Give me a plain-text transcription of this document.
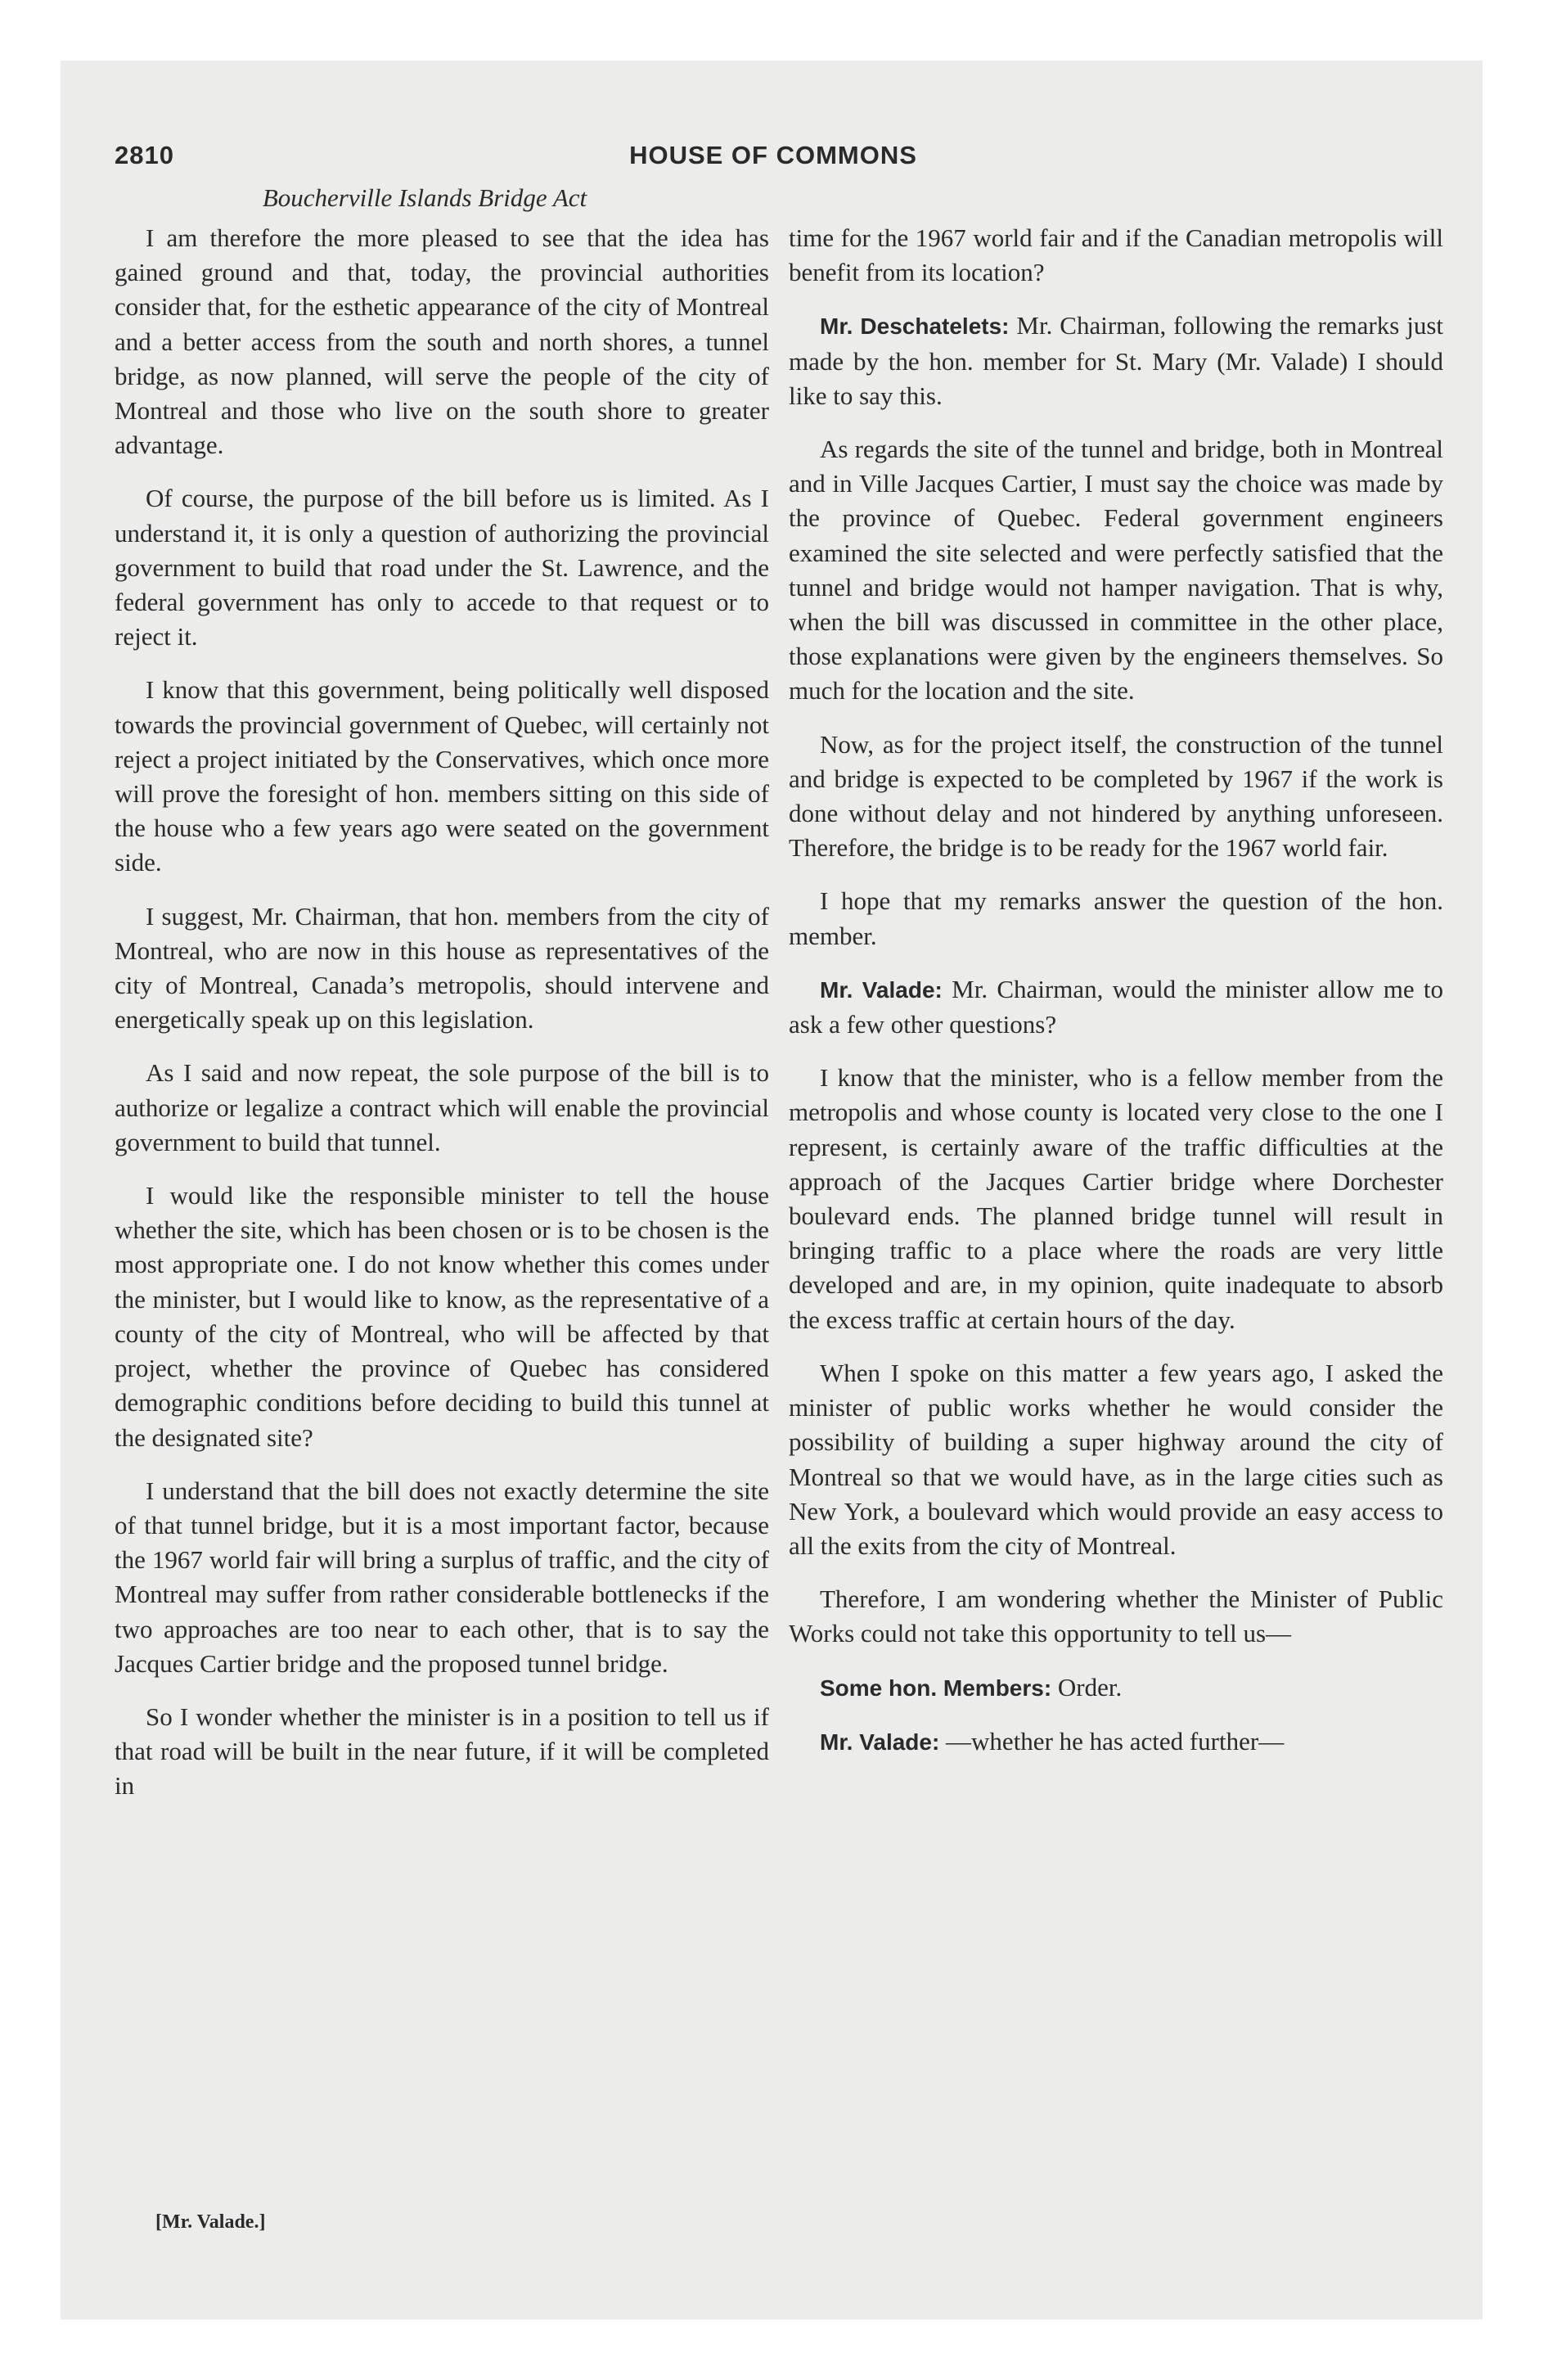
2810	HOUSE OF COMMONS
Boucherville Islands Bridge Act

I am therefore the more pleased to see that the idea has gained ground and that, today, the provincial authorities consider that, for the esthetic appearance of the city of Montreal and a better access from the south and north shores, a tunnel bridge, as now planned, will serve the people of the city of Montreal and those who live on the south shore to greater advantage.

Of course, the purpose of the bill before us is limited. As I understand it, it is only a question of authorizing the provincial government to build that road under the St. Lawrence, and the federal government has only to accede to that request or to reject it.

I know that this government, being politically well disposed towards the provincial government of Quebec, will certainly not reject a project initiated by the Conservatives, which once more will prove the foresight of hon. members sitting on this side of the house who a few years ago were seated on the government side.

I suggest, Mr. Chairman, that hon. members from the city of Montreal, who are now in this house as representatives of the city of Montreal, Canada’s metropolis, should intervene and energetically speak up on this legislation.

As I said and now repeat, the sole purpose of the bill is to authorize or legalize a contract which will enable the provincial government to build that tunnel.

I would like the responsible minister to tell the house whether the site, which has been chosen or is to be chosen is the most appropriate one. I do not know whether this comes under the minister, but I would like to know, as the representative of a county of the city of Montreal, who will be affected by that project, whether the province of Quebec has considered demographic conditions before deciding to build this tunnel at the designated site?

I understand that the bill does not exactly determine the site of that tunnel bridge, but it is a most important factor, because the 1967 world fair will bring a surplus of traffic, and the city of Montreal may suffer from rather considerable bottlenecks if the two approaches are too near to each other, that is to say the Jacques Cartier bridge and the proposed tunnel bridge.

So I wonder whether the minister is in a position to tell us if that road will be built in the near future, if it will be completed in

[Mr. Valade.]

time for the 1967 world fair and if the Canadian metropolis will benefit from its location?

Mr. Deschatelets: Mr. Chairman, following the remarks just made by the hon. member for St. Mary (Mr. Valade) I should like to say this.

As regards the site of the tunnel and bridge, both in Montreal and in Ville Jacques Cartier, I must say the choice was made by the province of Quebec. Federal government engineers examined the site selected and were perfectly satisfied that the tunnel and bridge would not hamper navigation. That is why, when the bill was discussed in committee in the other place, those explanations were given by the engineers themselves. So much for the location and the site.

Now, as for the project itself, the construction of the tunnel and bridge is expected to be completed by 1967 if the work is done without delay and not hindered by anything unforeseen. Therefore, the bridge is to be ready for the 1967 world fair.

I hope that my remarks answer the question of the hon. member.

Mr. Valade: Mr. Chairman, would the minister allow me to ask a few other questions?

I know that the minister, who is a fellow member from the metropolis and whose county is located very close to the one I represent, is certainly aware of the traffic difficulties at the approach of the Jacques Cartier bridge where Dorchester boulevard ends. The planned bridge tunnel will result in bringing traffic to a place where the roads are very little developed and are, in my opinion, quite inadequate to absorb the excess traffic at certain hours of the day.

When I spoke on this matter a few years ago, I asked the minister of public works whether he would consider the possibility of building a super highway around the city of Montreal so that we would have, as in the large cities such as New York, a boulevard which would provide an easy access to all the exits from the city of Montreal.

Therefore, I am wondering whether the Minister of Public Works could not take this opportunity to tell us—

Some hon. Members: Order.

Mr. Valade: —whether he has acted further—
